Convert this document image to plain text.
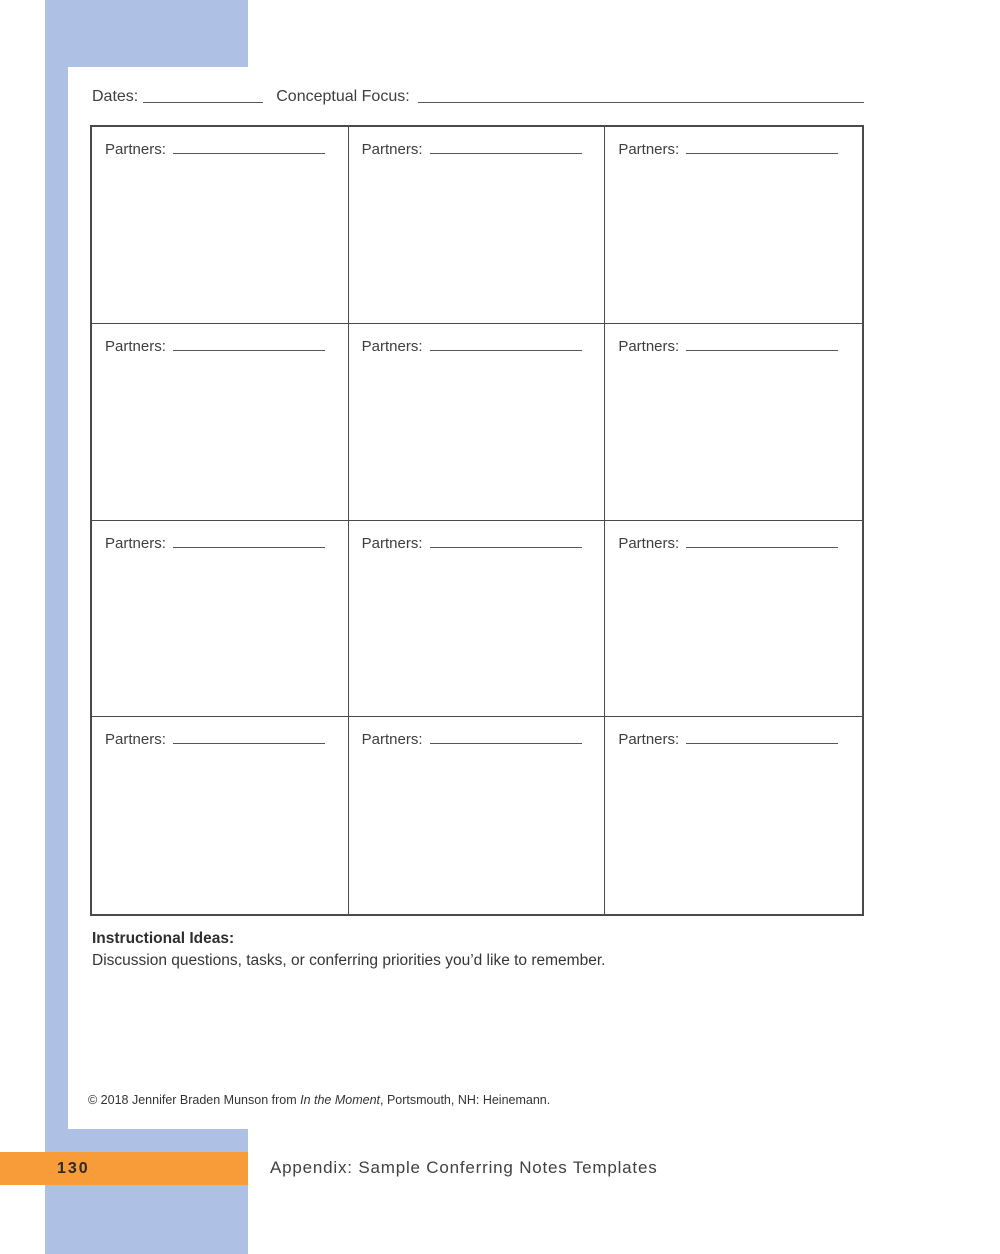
Dates:	Conceptual Focus:
Partners:	Partners:	Partners:
Partners:	Partners:	Partners:
Partners:	Partners:	Partners:
Partners:	Partners:	Partners:
Instructional Ideas:
Discussion questions, tasks, or conferring priorities you’d like to remember.
© 2018 Jennifer Braden Munson from In the Moment, Portsmouth, NH: Heinemann.
130	Appendix: Sample Conferring Notes Templates
